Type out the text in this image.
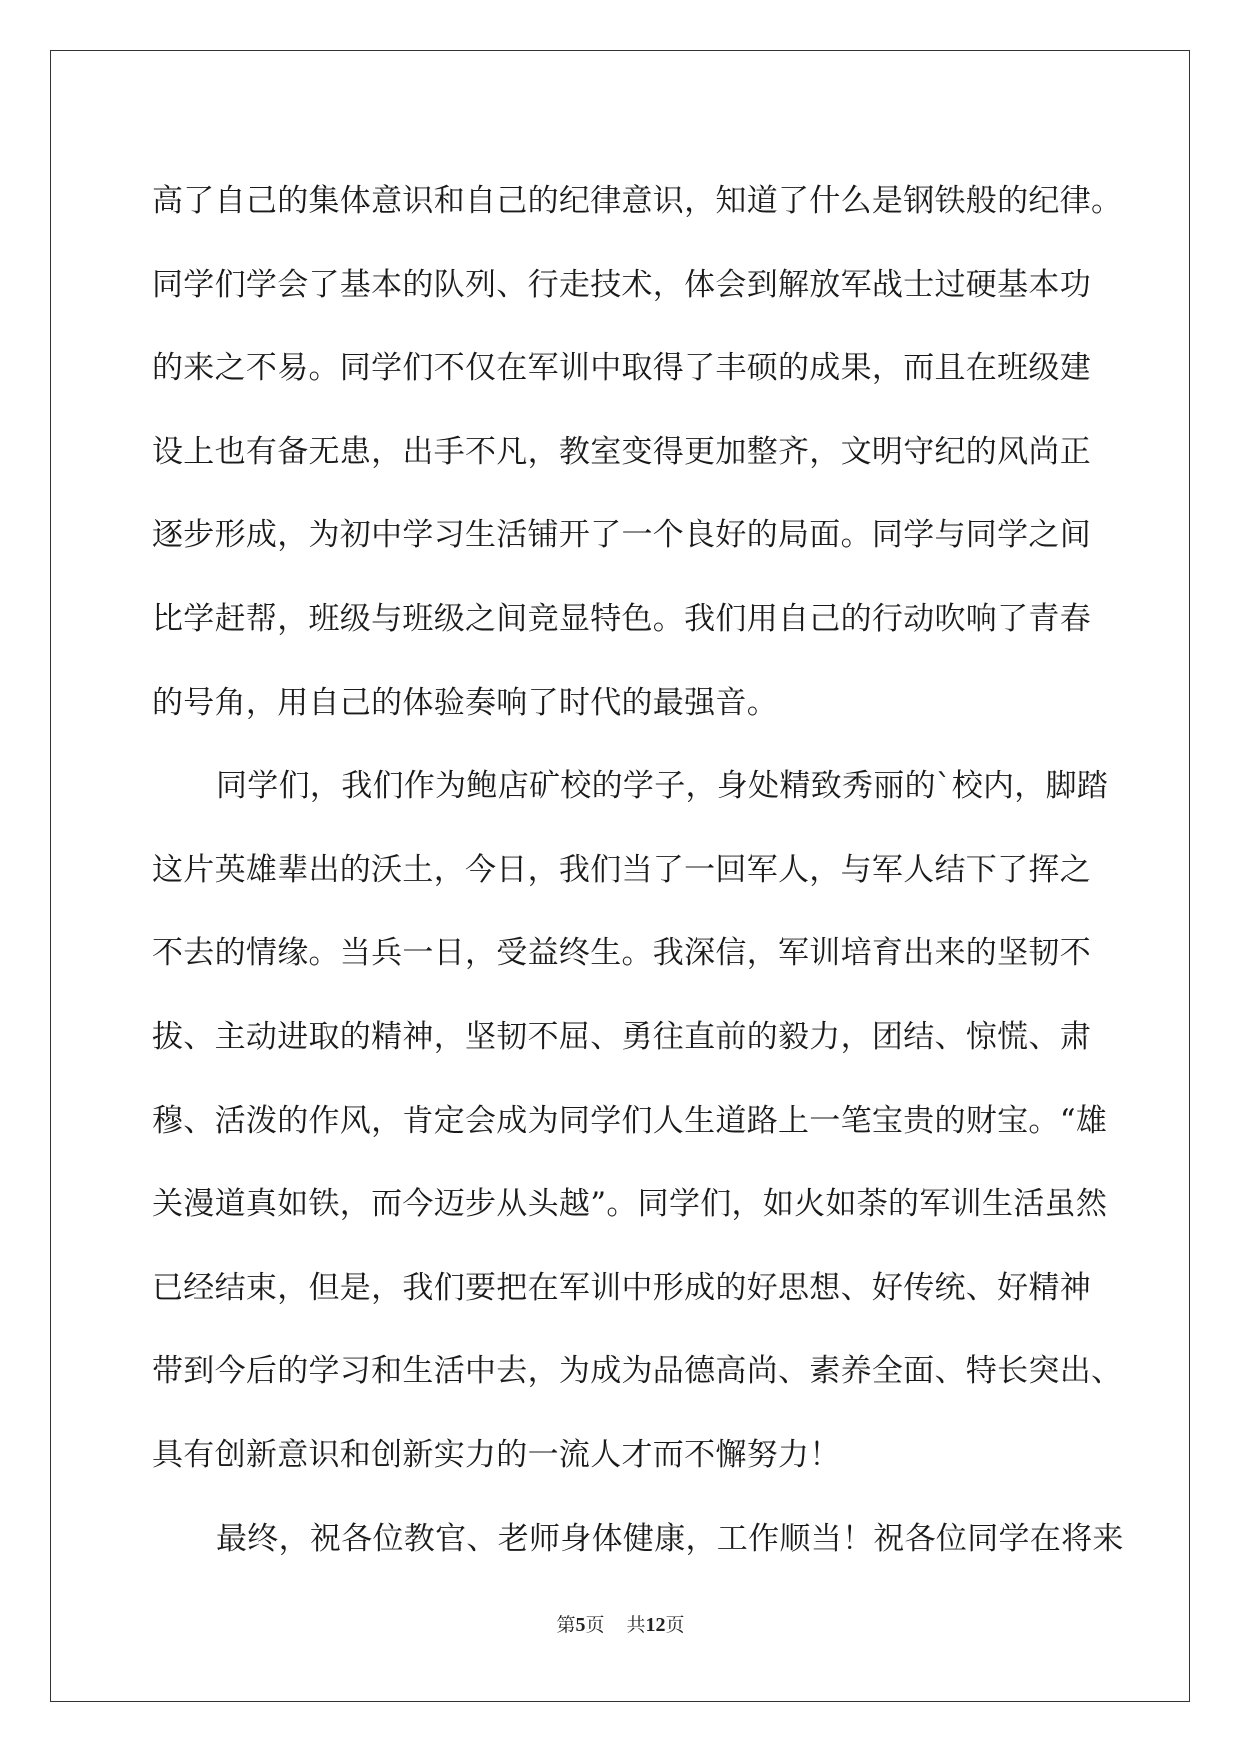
高了自己的集体意识和自己的纪律意识，知道了什么是钢铁般的纪律。
同学们学会了基本的队列、行走技术，体会到解放军战士过硬基本功
的来之不易。同学们不仅在军训中取得了丰硕的成果，而且在班级建
设上也有备无患，出手不凡，教室变得更加整齐，文明守纪的风尚正
逐步形成，为初中学习生活铺开了一个良好的局面。同学与同学之间
比学赶帮，班级与班级之间竞显特色。我们用自己的行动吹响了青春
的号角，用自己的体验奏响了时代的最强音。
同学们，我们作为鲍店矿校的学子，身处精致秀丽的`校内，脚踏
这片英雄辈出的沃土，今日，我们当了一回军人，与军人结下了挥之
不去的情缘。当兵一日，受益终生。我深信，军训培育出来的坚韧不
拔、主动进取的精神，坚韧不屈、勇往直前的毅力，团结、惊慌、肃
穆、活泼的作风，肯定会成为同学们人生道路上一笔宝贵的财宝。“雄
关漫道真如铁，而今迈步从头越”。同学们，如火如荼的军训生活虽然
已经结束，但是，我们要把在军训中形成的好思想、好传统、好精神
带到今后的学习和生活中去，为成为品德高尚、素养全面、特长突出、
具有创新意识和创新实力的一流人才而不懈努力！
最终，祝各位教官、老师身体健康，工作顺当！祝各位同学在将来
第5页 共12页
